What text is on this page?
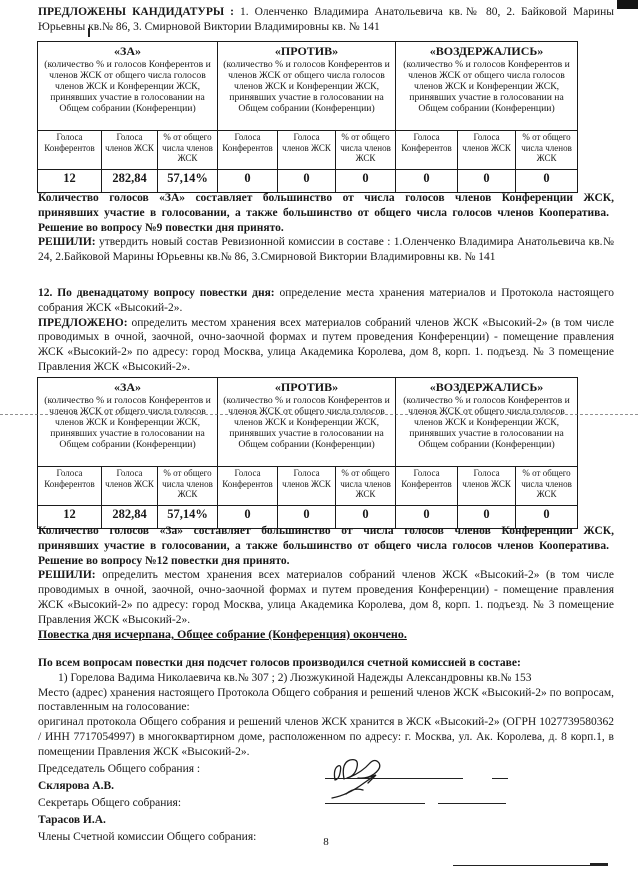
ПРЕДЛОЖЕНЫ КАНДИДАТУРЫ : 1. Оленченко Владимира Анатольевича кв.№ 80, 2. Байковой Марины Юрьевны кв.№ 86, 3. Смирновой Виктории Владимировны кв. № 141
«ЗА»
(количество % и голосов Конферентов и членов ЖСК от общего числа голосов членов ЖСК и Конференции ЖСК, принявших участие в голосовании на Общем собрании (Конференции)

«ПРОТИВ»
(количество % и голосов Конферентов и членов ЖСК от общего числа голосов членов ЖСК и Конференции ЖСК, принявших участие в голосовании на Общем собрании (Конференции)

«ВОЗДЕРЖАЛИСЬ»
(количество % и голосов Конферентов и членов ЖСК от общего числа голосов членов ЖСК и Конференции ЖСК, принявших участие в голосовании на Общем собрании (Конференции)

Голоса Конферентов	Голоса членов ЖСК	% от общего числа членов ЖСК	Голоса Конферентов	Голоса членов ЖСК	% от общего числа членов ЖСК	Голоса Конферентов	Голоса членов ЖСК	% от общего числа членов ЖСК
12	282,84	57,14%	0	0	0	0	0	0
Количество голосов «ЗА» составляет большинство от числа голосов членов Конференции ЖСК, принявших участие в голосовании, а также большинство от общего числа голосов членов Кооператива.
Решение во вопросу №9 повестки дня принято.
РЕШИЛИ: утвердить новый состав Ревизионной комиссии в составе : 1.Оленченко Владимира Анатольевича кв.№ 24, 2.Байковой Марины Юрьевны кв.№ 86, 3.Смирновой Виктории Владимировны кв. № 141
12. По двенадцатому вопросу повестки дня: определение места хранения материалов и Протокола настоящего собрания ЖСК «Высокий-2».
ПРЕДЛОЖЕНО: определить местом хранения всех материалов собраний членов ЖСК «Высокий-2» (в том числе проводимых в очной, заочной, очно-заочной формах и путем проведения Конференции) - помещение правления ЖСК «Высокий-2» по адресу: город Москва, улица Академика Королева, дом 8, корп. 1. подъезд. № 3 помещение Правления ЖСК «Высокий-2».
«ЗА»
(количество % и голосов Конферентов и членов ЖСК от общего числа голосов членов ЖСК и Конференции ЖСК, принявших участие в голосовании на Общем собрании (Конференции)

«ПРОТИВ»
(количество % и голосов Конферентов и членов ЖСК от общего числа голосов членов ЖСК и Конференции ЖСК, принявших участие в голосовании на Общем собрании (Конференции)

«ВОЗДЕРЖАЛИСЬ»
(количество % и голосов Конферентов и членов ЖСК от общего числа голосов членов ЖСК и Конференции ЖСК, принявших участие в голосовании на Общем собрании (Конференции)

Голоса Конферентов	Голоса членов ЖСК	% от общего числа членов ЖСК	Голоса Конферентов	Голоса членов ЖСК	% от общего числа членов ЖСК	Голоса Конферентов	Голоса членов ЖСК	% от общего числа членов ЖСК
12	282,84	57,14%	0	0	0	0	0	0
Количество голосов «За» составляет большинство от числа голосов членов Конференции ЖСК, принявших участие в голосовании, а также большинство от общего числа голосов членов Кооператива.
Решение во вопросу №12 повестки дня принято.
РЕШИЛИ: определить местом хранения всех материалов собраний членов ЖСК «Высокий-2» (в том числе проводимых в очной, заочной, очно-заочной формах и путем проведения Конференции) - помещение правления ЖСК «Высокий-2» по адресу: город Москва, улица Академика Королева, дом 8, корп. 1. подъезд. № 3 помещение Правления ЖСК «Высокий-2».
Повестка дня исчерпана, Общее собрание (Конференция) окончено.
По всем вопросам повестки дня подсчет голосов производился счетной комиссией в составе:
1) Горелова Вадима Николаевича кв.№ 307 ; 2) Люзжукиной Надежды Александровны кв.№ 153
Место (адрес) хранения настоящего Протокола Общего собрания и решений членов ЖСК «Высокий-2» по вопросам, поставленным на голосование:
оригинал протокола Общего собрания и решений членов ЖСК хранится в ЖСК «Высокий-2» (ОГРН 1027739580362 / ИНН 7717054997) в многоквартирном доме, расположенном по адресу: г. Москва, ул. Ак. Королева, д. 8 корп.1, в помещении Правления ЖСК «Высокий-2».
Председатель Общего собрания :
Склярова А.В.
Секретарь Общего собрания:
Тарасов И.А.
Члены Счетной комиссии Общего собрания:	8
